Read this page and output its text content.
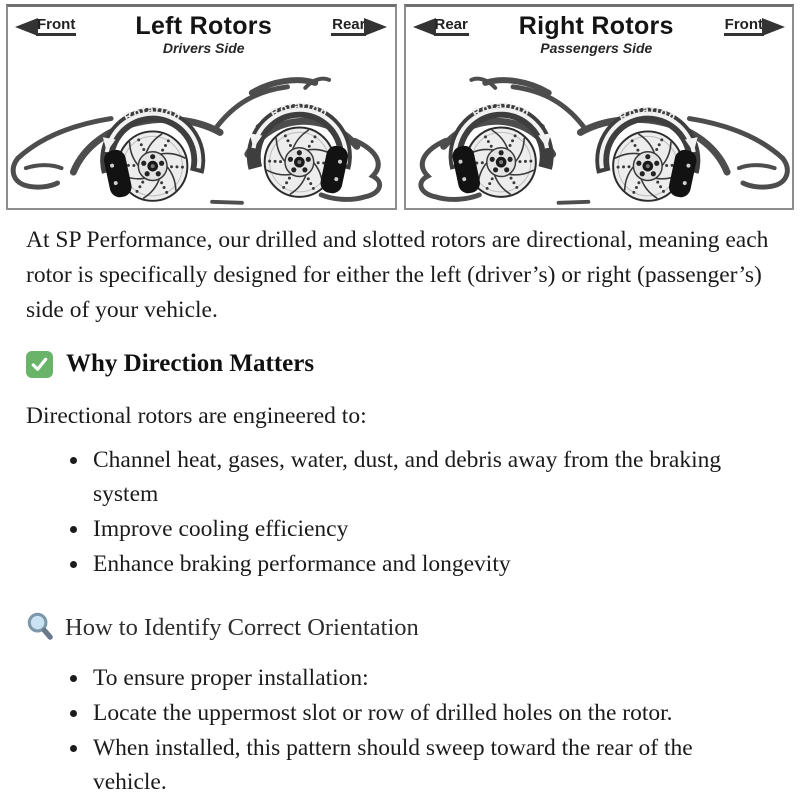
Front Left Rotors
Drivers Side
Rear
Rotation	Rotation
Rear Right Rotors
Passengers Side
Front
Rotation
Rotation

At SP Performance, our drilled and slotted rotors are directional, meaning each rotor is specifically designed for either the left (driver’s) or right (passenger’s) side of your vehicle.

Why Direction Matters

Directional rotors are engineered to:

• Channel heat, gases, water, dust, and debris away from the braking system
• Improve cooling efficiency
• Enhance braking performance and longevity
How to Identify Correct Orientation
• To ensure proper installation:
• Locate the uppermost slot or row of drilled holes on the rotor.
• When installed, this pattern should sweep toward the rear of the vehicle.
